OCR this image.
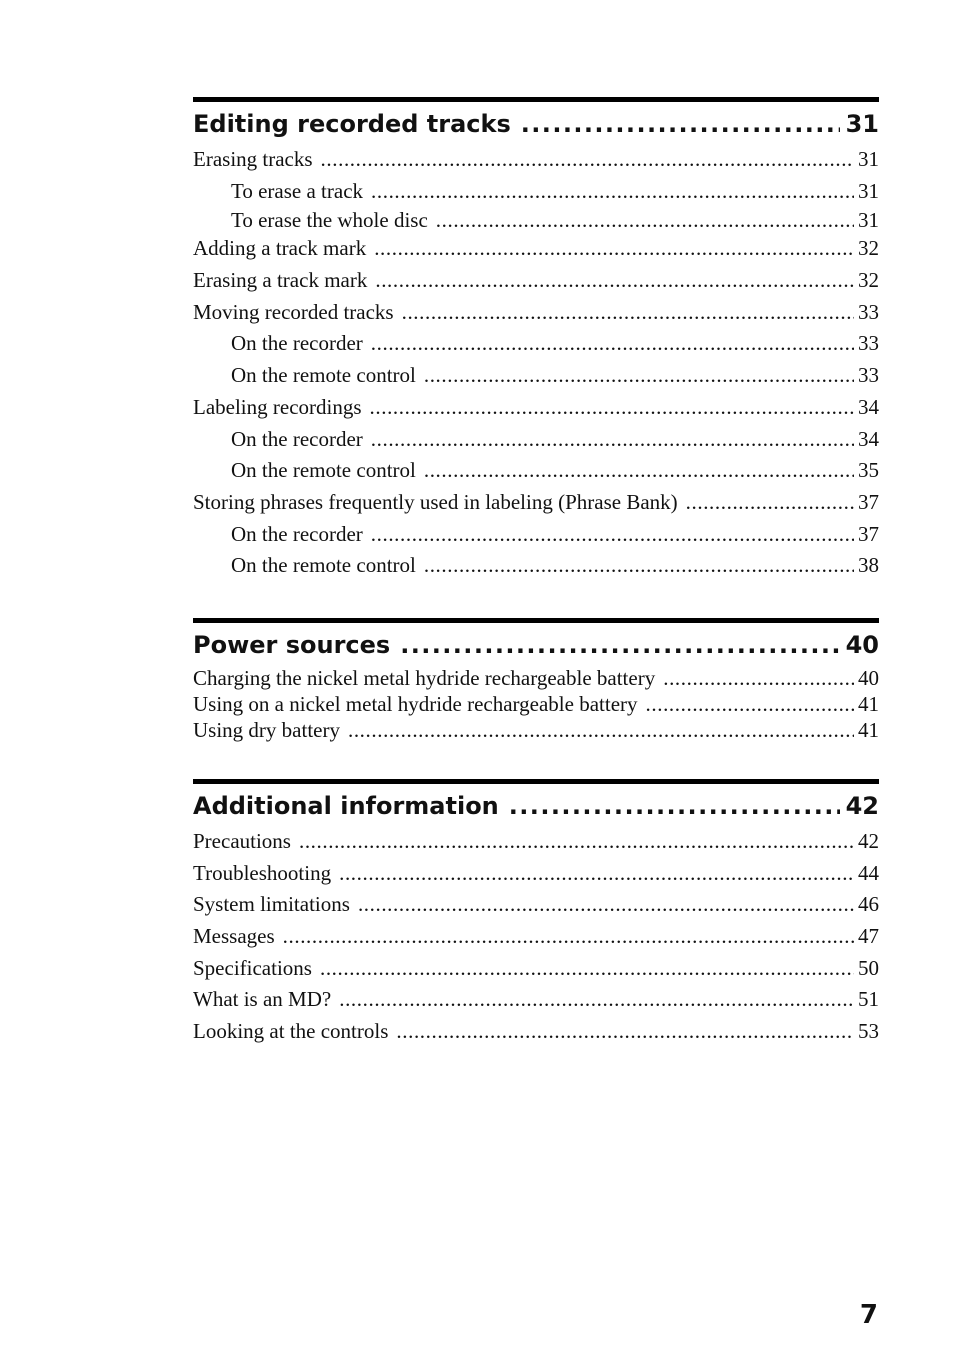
Editing recorded tracks .....	31
Erasing tracks .....	31
To erase a track .....	31
To erase the whole disc .....	31
Adding a track mark .....	32
Erasing a track mark .....	32
Moving recorded tracks .....	33
On the recorder .....	33
On the remote control .....	33
Labeling recordings .....	34
On the recorder .....	34
On the remote control .....	35
Storing phrases frequently used in labeling (Phrase Bank) .....	37
On the recorder .....	37
On the remote control .....	38
Power sources .....	40
Charging the nickel metal hydride rechargeable battery .....	40
Using on a nickel metal hydride rechargeable battery .....	41
Using dry battery .....	41
Additional information .....	42
Precautions .....	42
Troubleshooting .....	44
System limitations .....	46
Messages .....	47
Specifications .....	50
What is an MD? .....	51
Looking at the controls .....	53
7
